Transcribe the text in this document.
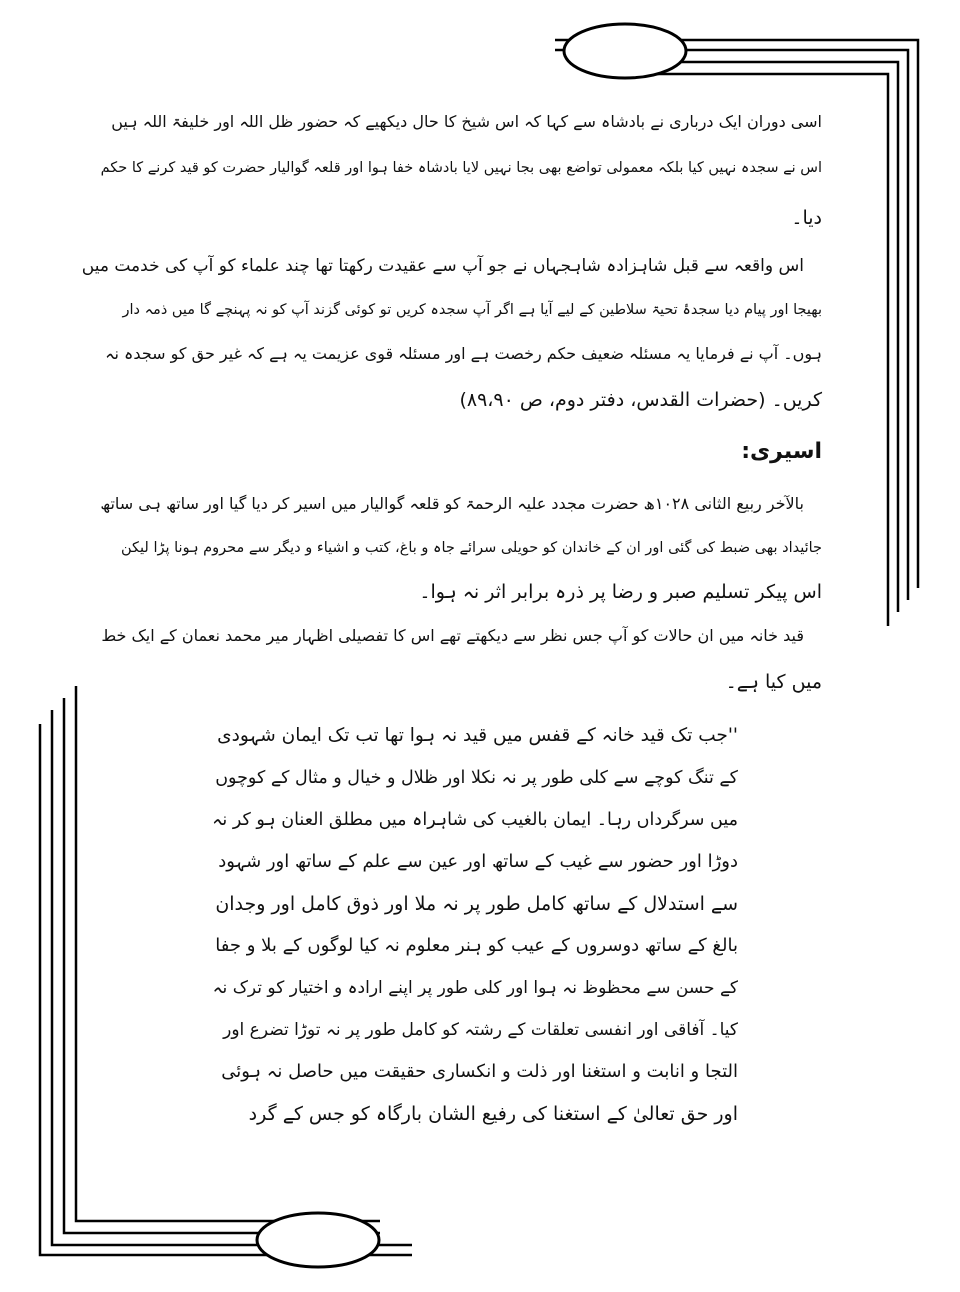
اسی دوران ایک درباری نے بادشاہ سے کہا کہ اس شیخ کا حال دیکھیے کہ حضور ظل اللہ اور خلیفۃ اللہ ہیں
اس نے سجدہ نہیں کیا بلکہ معمولی تواضع بھی بجا نہیں لایا بادشاہ خفا ہوا اور قلعہ گوالیار حضرت کو قید کرنے کا حکم
دیا۔
اس واقعہ سے قبل شاہزادہ شاہجہاں نے جو آپ سے عقیدت رکھتا تھا چند علماء کو آپ کی خدمت میں
بھیجا اور پیام دیا سجدۂ تحیۃ سلاطین کے لیے آیا ہے اگر آپ سجدہ کریں تو کوئی گزند آپ کو نہ پہنچے گا میں ذمہ دار
ہوں۔ آپ نے فرمایا یہ مسئلہ ضعیف حکم رخصت ہے اور مسئلہ قوی عزیمت یہ ہے کہ غیر حق کو سجدہ نہ
کریں۔ (حضرات القدس، دفتر دوم، ص ۸۹،۹۰)
اسیری:
بالآخر ربیع الثانی ۱۰۲۸ھ حضرت مجدد علیہ الرحمۃ کو قلعہ گوالیار میں اسیر کر دیا گیا اور ساتھ ہی ساتھ
جائیداد بھی ضبط کی گئی اور ان کے خاندان کو حویلی سرائے جاہ و باغ، کتب و اشیاء و دیگر سے محروم ہونا پڑا لیکن
اس پیکر تسلیم صبر و رضا پر ذرہ برابر اثر نہ ہوا۔
قید خانہ میں ان حالات کو آپ جس نظر سے دیکھتے تھے اس کا تفصیلی اظہار میر محمد نعمان کے ایک خط
میں کیا ہے۔
''جب تک قید خانہ کے قفس میں قید نہ ہوا تھا تب تک ایمان شہودی
کے تنگ کوچے سے کلی طور پر نہ نکلا اور ظلال و خیال و مثال کے کوچوں
میں سرگرداں رہا۔ ایمان بالغیب کی شاہراہ میں مطلق العنان ہو کر نہ
دوڑا اور حضور سے غیب کے ساتھ اور عین سے علم کے ساتھ اور شہود
سے استدلال کے ساتھ کامل طور پر نہ ملا اور ذوق کامل اور وجدان
بالغ کے ساتھ دوسروں کے عیب کو ہنر معلوم نہ کیا لوگوں کے بلا و جفا
کے حسن سے محظوظ نہ ہوا اور کلی طور پر اپنے ارادہ و اختیار کو ترک نہ
کیا۔ آفاقی اور انفسی تعلقات کے رشتہ کو کامل طور پر نہ توڑا تضرع اور
التجا و انابت و استغنا اور ذلت و انکساری حقیقت میں حاصل نہ ہوئی
اور حق تعالیٰ کے استغنا کی رفیع الشان بارگاہ کو جس کے گرد
